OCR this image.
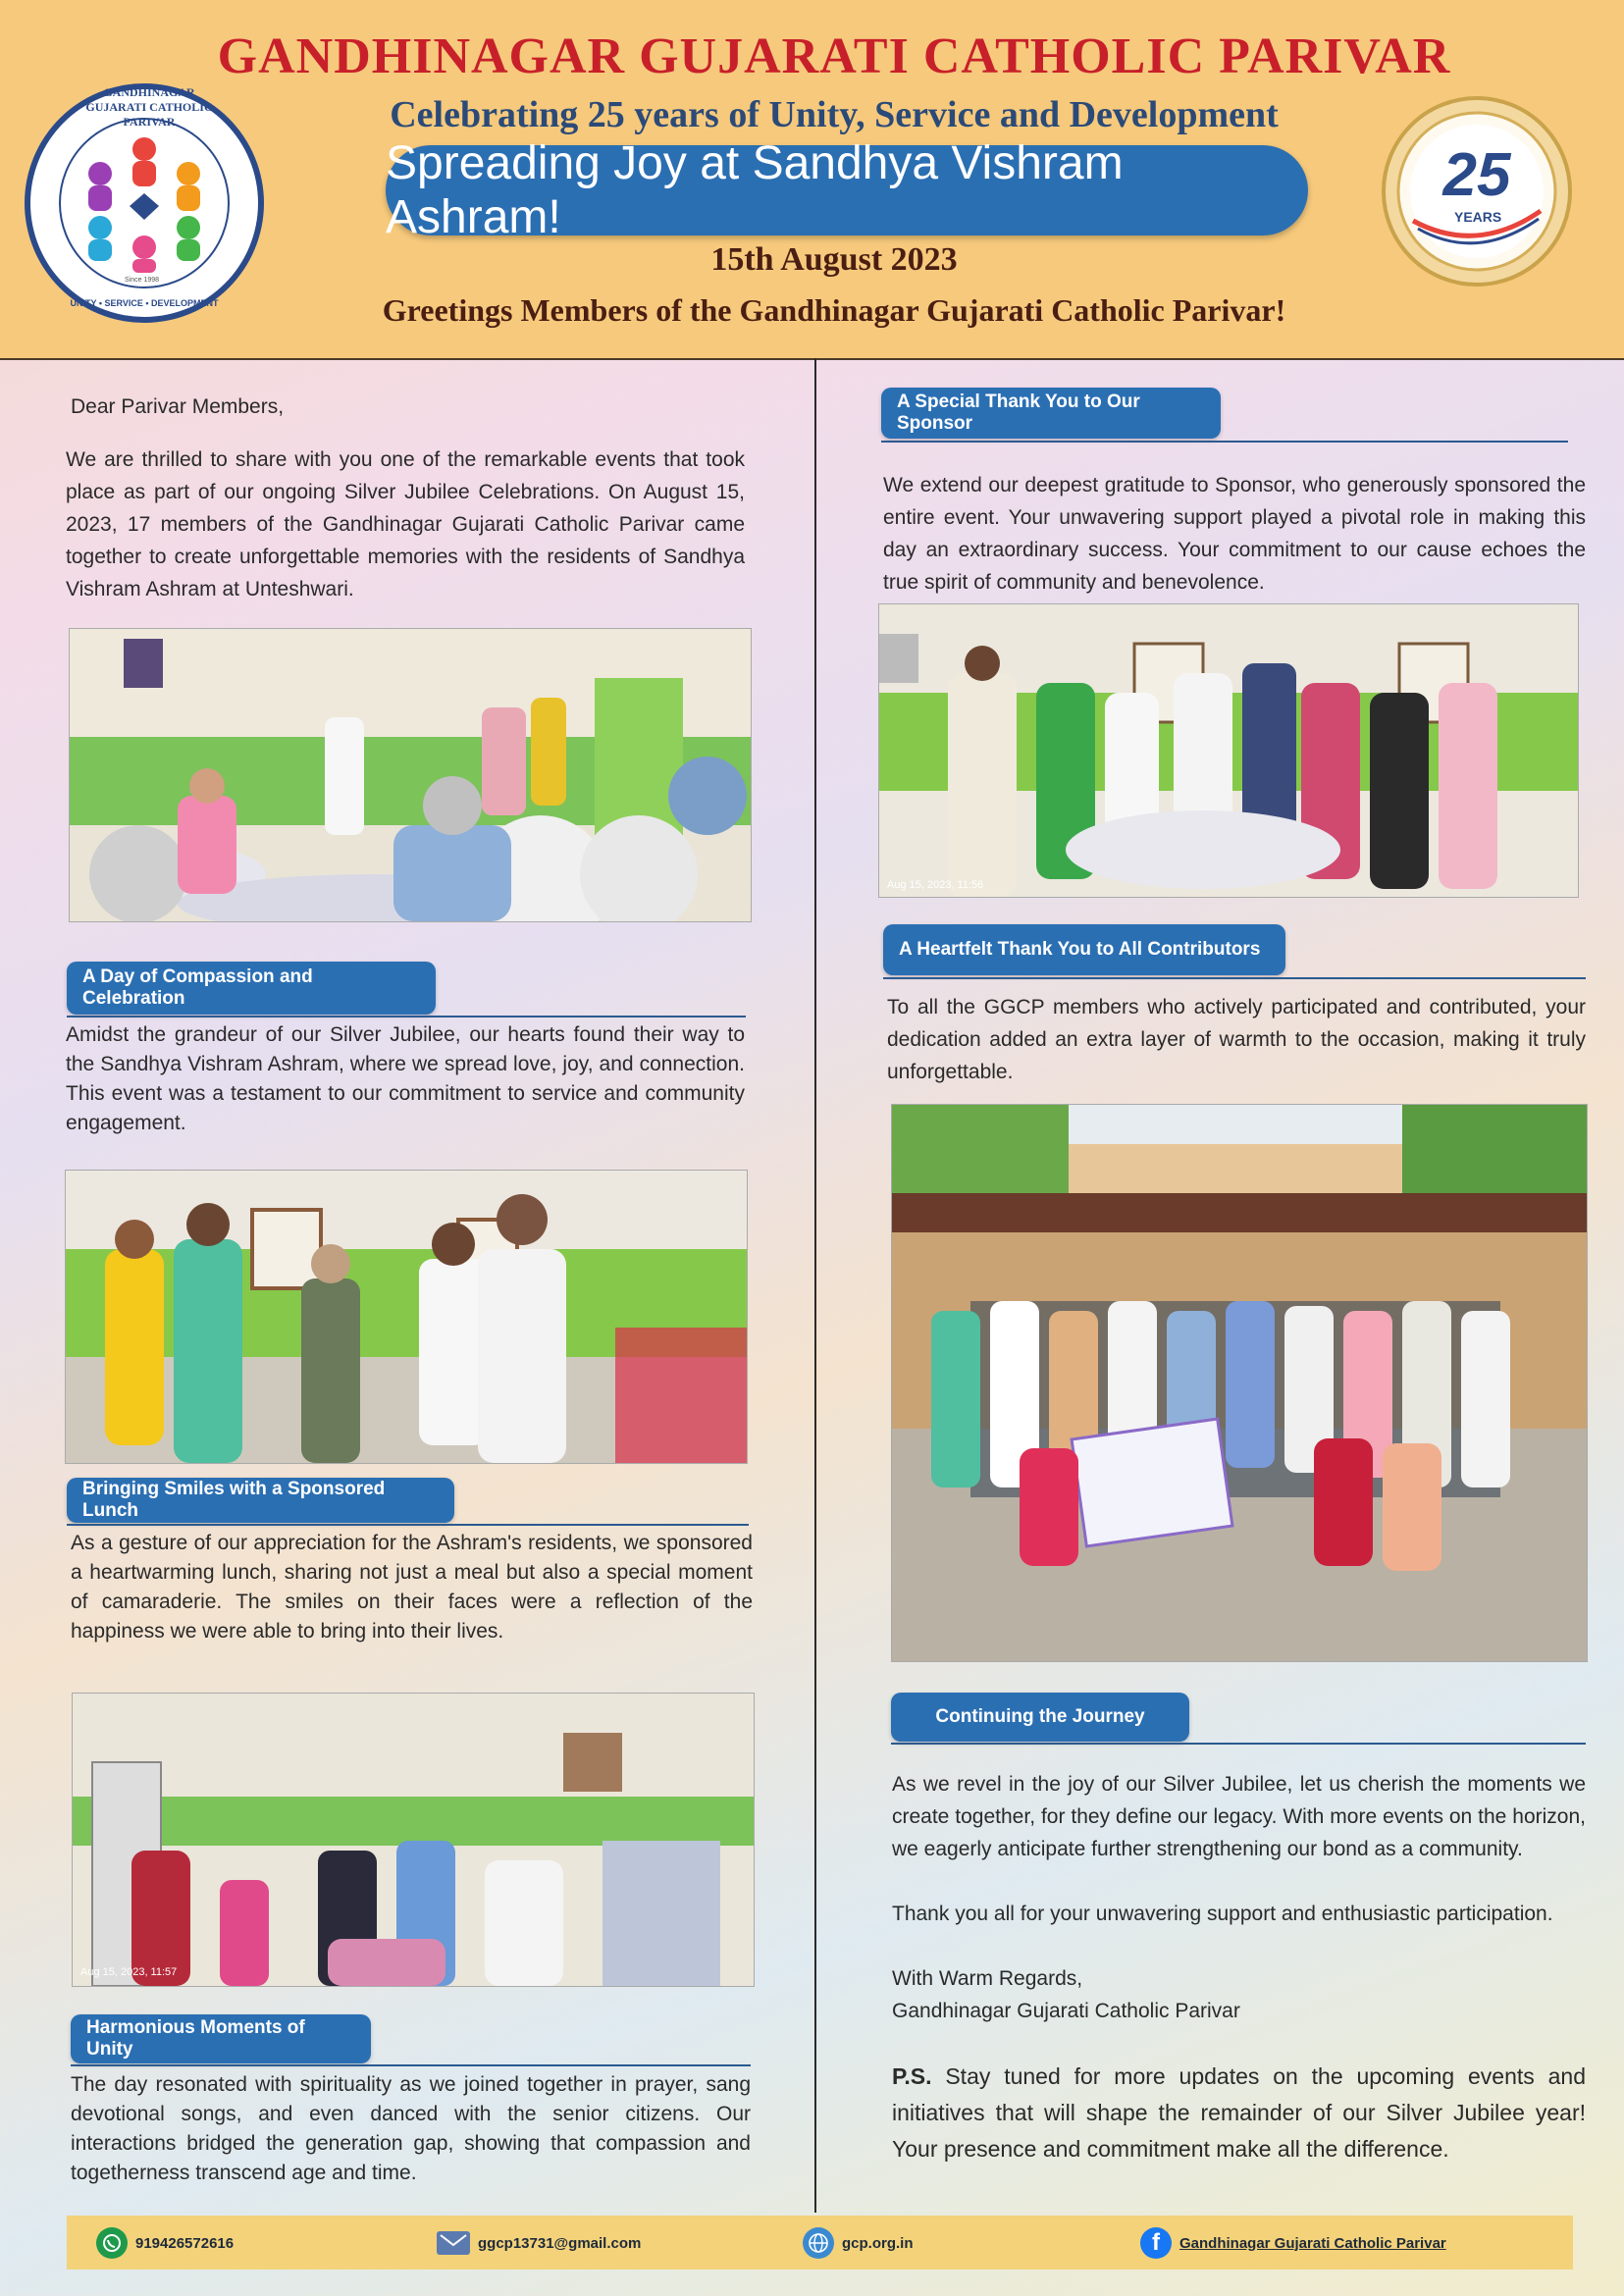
GANDHINAGAR GUJARATI CATHOLIC PARIVAR
Since 1998
UNITY • SERVICE • DEVELOPMENT
GANDHINAGAR GUJARATI CATHOLIC PARIVAR
Celebrating 25 years of Unity, Service and Development
Spreading Joy at Sandhya Vishram Ashram!
15th August 2023
Greetings Members of the Gandhinagar Gujarati Catholic Parivar!
25
YEARS
Dear Parivar Members,
We are thrilled to share with you one of the remarkable events that took place as part of our ongoing Silver Jubilee Celebrations. On August 15, 2023, 17 members of the Gandhinagar Gujarati Catholic Parivar came together to create unforgettable memories with the residents of Sandhya Vishram Ashram at Unteshwari.
A Day of Compassion and Celebration
Amidst the grandeur of our Silver Jubilee, our hearts found their way to the Sandhya Vishram Ashram, where we spread love, joy, and connection. This event was a testament to our commitment to service and community engagement.
Bringing Smiles with a Sponsored Lunch
As a gesture of our appreciation for the Ashram's residents, we sponsored a heartwarming lunch, sharing not just a meal but also a special moment of camaraderie. The smiles on their faces were a reflection of the happiness we were able to bring into their lives.
Aug 15, 2023, 11:57
Harmonious Moments of Unity
The day resonated with spirituality as we joined together in prayer, sang devotional songs, and even danced with the senior citizens. Our interactions bridged the generation gap, showing that compassion and togetherness transcend age and time.
A Special Thank You to Our Sponsor
We extend our deepest gratitude to Sponsor, who generously sponsored the entire event. Your unwavering support played a pivotal role in making this day an extraordinary success. Your commitment to our cause echoes the true spirit of community and benevolence.
Aug 15, 2023, 11:56
A Heartfelt Thank You to All Contributors
To all the GGCP members who actively participated and contributed, your dedication added an extra layer of warmth to the occasion, making it truly unforgettable.
Continuing the Journey
As we revel in the joy of our Silver Jubilee, let us cherish the moments we create together, for they define our legacy. With more events on the horizon, we eagerly anticipate further strengthening our bond as a community.
Thank you all for your unwavering support and enthusiastic participation.
With Warm Regards,
Gandhinagar Gujarati Catholic Parivar
P.S. Stay tuned for more updates on the upcoming events and initiatives that will shape the remainder of our Silver Jubilee year! Your presence and commitment make all the difference.
919426572616	ggcp13731@gmail.com	gcp.org.in	f	Gandhinagar Gujarati Catholic Parivar
